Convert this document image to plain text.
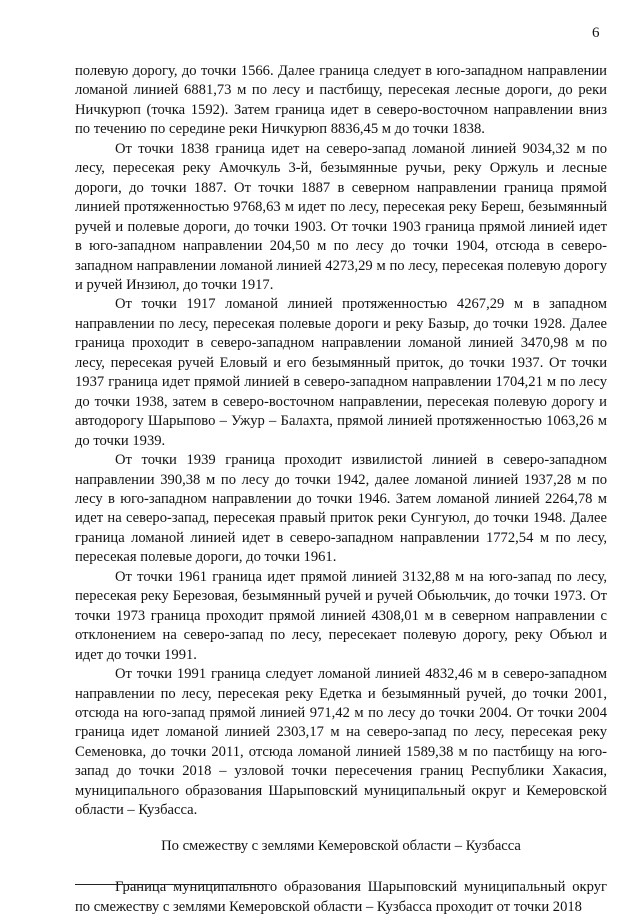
6

полевую дорогу, до точки 1566. Далее граница следует в юго-западном направлении ломаной линией 6881,73 м по лесу и пастбищу, пересекая лесные дороги, до реки Ничкурюп (точка 1592). Затем граница идет в северо-восточном направлении вниз по течению по середине реки Ничкурюп 8836,45 м до точки 1838.

От точки 1838 граница идет на северо-запад ломаной линией 9034,32 м по лесу, пересекая реку Амочкуль 3-й, безымянные ручьи, реку Оржуль и лесные дороги, до точки 1887. От точки 1887 в северном направлении граница прямой линией протяженностью 9768,63 м идет по лесу, пересекая реку Береш, безымянный ручей и полевые дороги, до точки 1903. От точки 1903 граница прямой линией идет в юго-западном направлении 204,50 м по лесу до точки 1904, отсюда в северо-западном направлении ломаной линией 4273,29 м по лесу, пересекая полевую дорогу и ручей Инзиюл, до точки 1917.

От точки 1917 ломаной линией протяженностью 4267,29 м в западном направлении по лесу, пересекая полевые дороги и реку Базыр, до точки 1928. Далее граница проходит в северо-западном направлении ломаной линией 3470,98 м по лесу, пересекая ручей Еловый и его безымянный приток, до точки 1937. От точки 1937 граница идет прямой линией в северо-западном направлении 1704,21 м по лесу до точки 1938, затем в северо-восточном направлении, пересекая полевую дорогу и автодорогу Шарыпово – Ужур – Балахта, прямой линией протяженностью 1063,26 м до точки 1939.

От точки 1939 граница проходит извилистой линией в северо-западном направлении 390,38 м по лесу до точки 1942, далее ломаной линией 1937,28 м по лесу в юго-западном направлении до точки 1946. Затем ломаной линией 2264,78 м идет на северо-запад, пересекая правый приток реки Сунгуюл, до точки 1948. Далее граница ломаной линией идет в северо-западном направлении 1772,54 м по лесу, пересекая полевые дороги, до точки 1961.

От точки 1961 граница идет прямой линией 3132,88 м на юго-запад по лесу, пересекая реку Березовая, безымянный ручей и ручей Обьюльчик, до точки 1973. От точки 1973 граница проходит прямой линией 4308,01 м в северном направлении с отклонением на северо-запад по лесу, пересекает полевую дорогу, реку Объюл и идет до точки 1991.

От точки 1991 граница следует ломаной линией 4832,46 м в северо-западном направлении по лесу, пересекая реку Едетка и безымянный ручей, до точки 2001, отсюда на юго-запад прямой линией 971,42 м по лесу до точки 2004. От точки 2004 граница идет ломаной линией 2303,17 м на северо-запад по лесу, пересекая реку Семеновка, до точки 2011, отсюда ломаной линией 1589,38 м по пастбищу на юго-запад до точки 2018 – узловой точки пересечения границ Республики Хакасия, муниципального образования Шарыповский муниципальный округ и Кемеровской области – Кузбасса.

По смежеству с землями Кемеровской области – Кузбасса

Граница муниципального образования Шарыповский муниципальный округ по смежеству с землями Кемеровской области – Кузбасса проходит от точки 2018
